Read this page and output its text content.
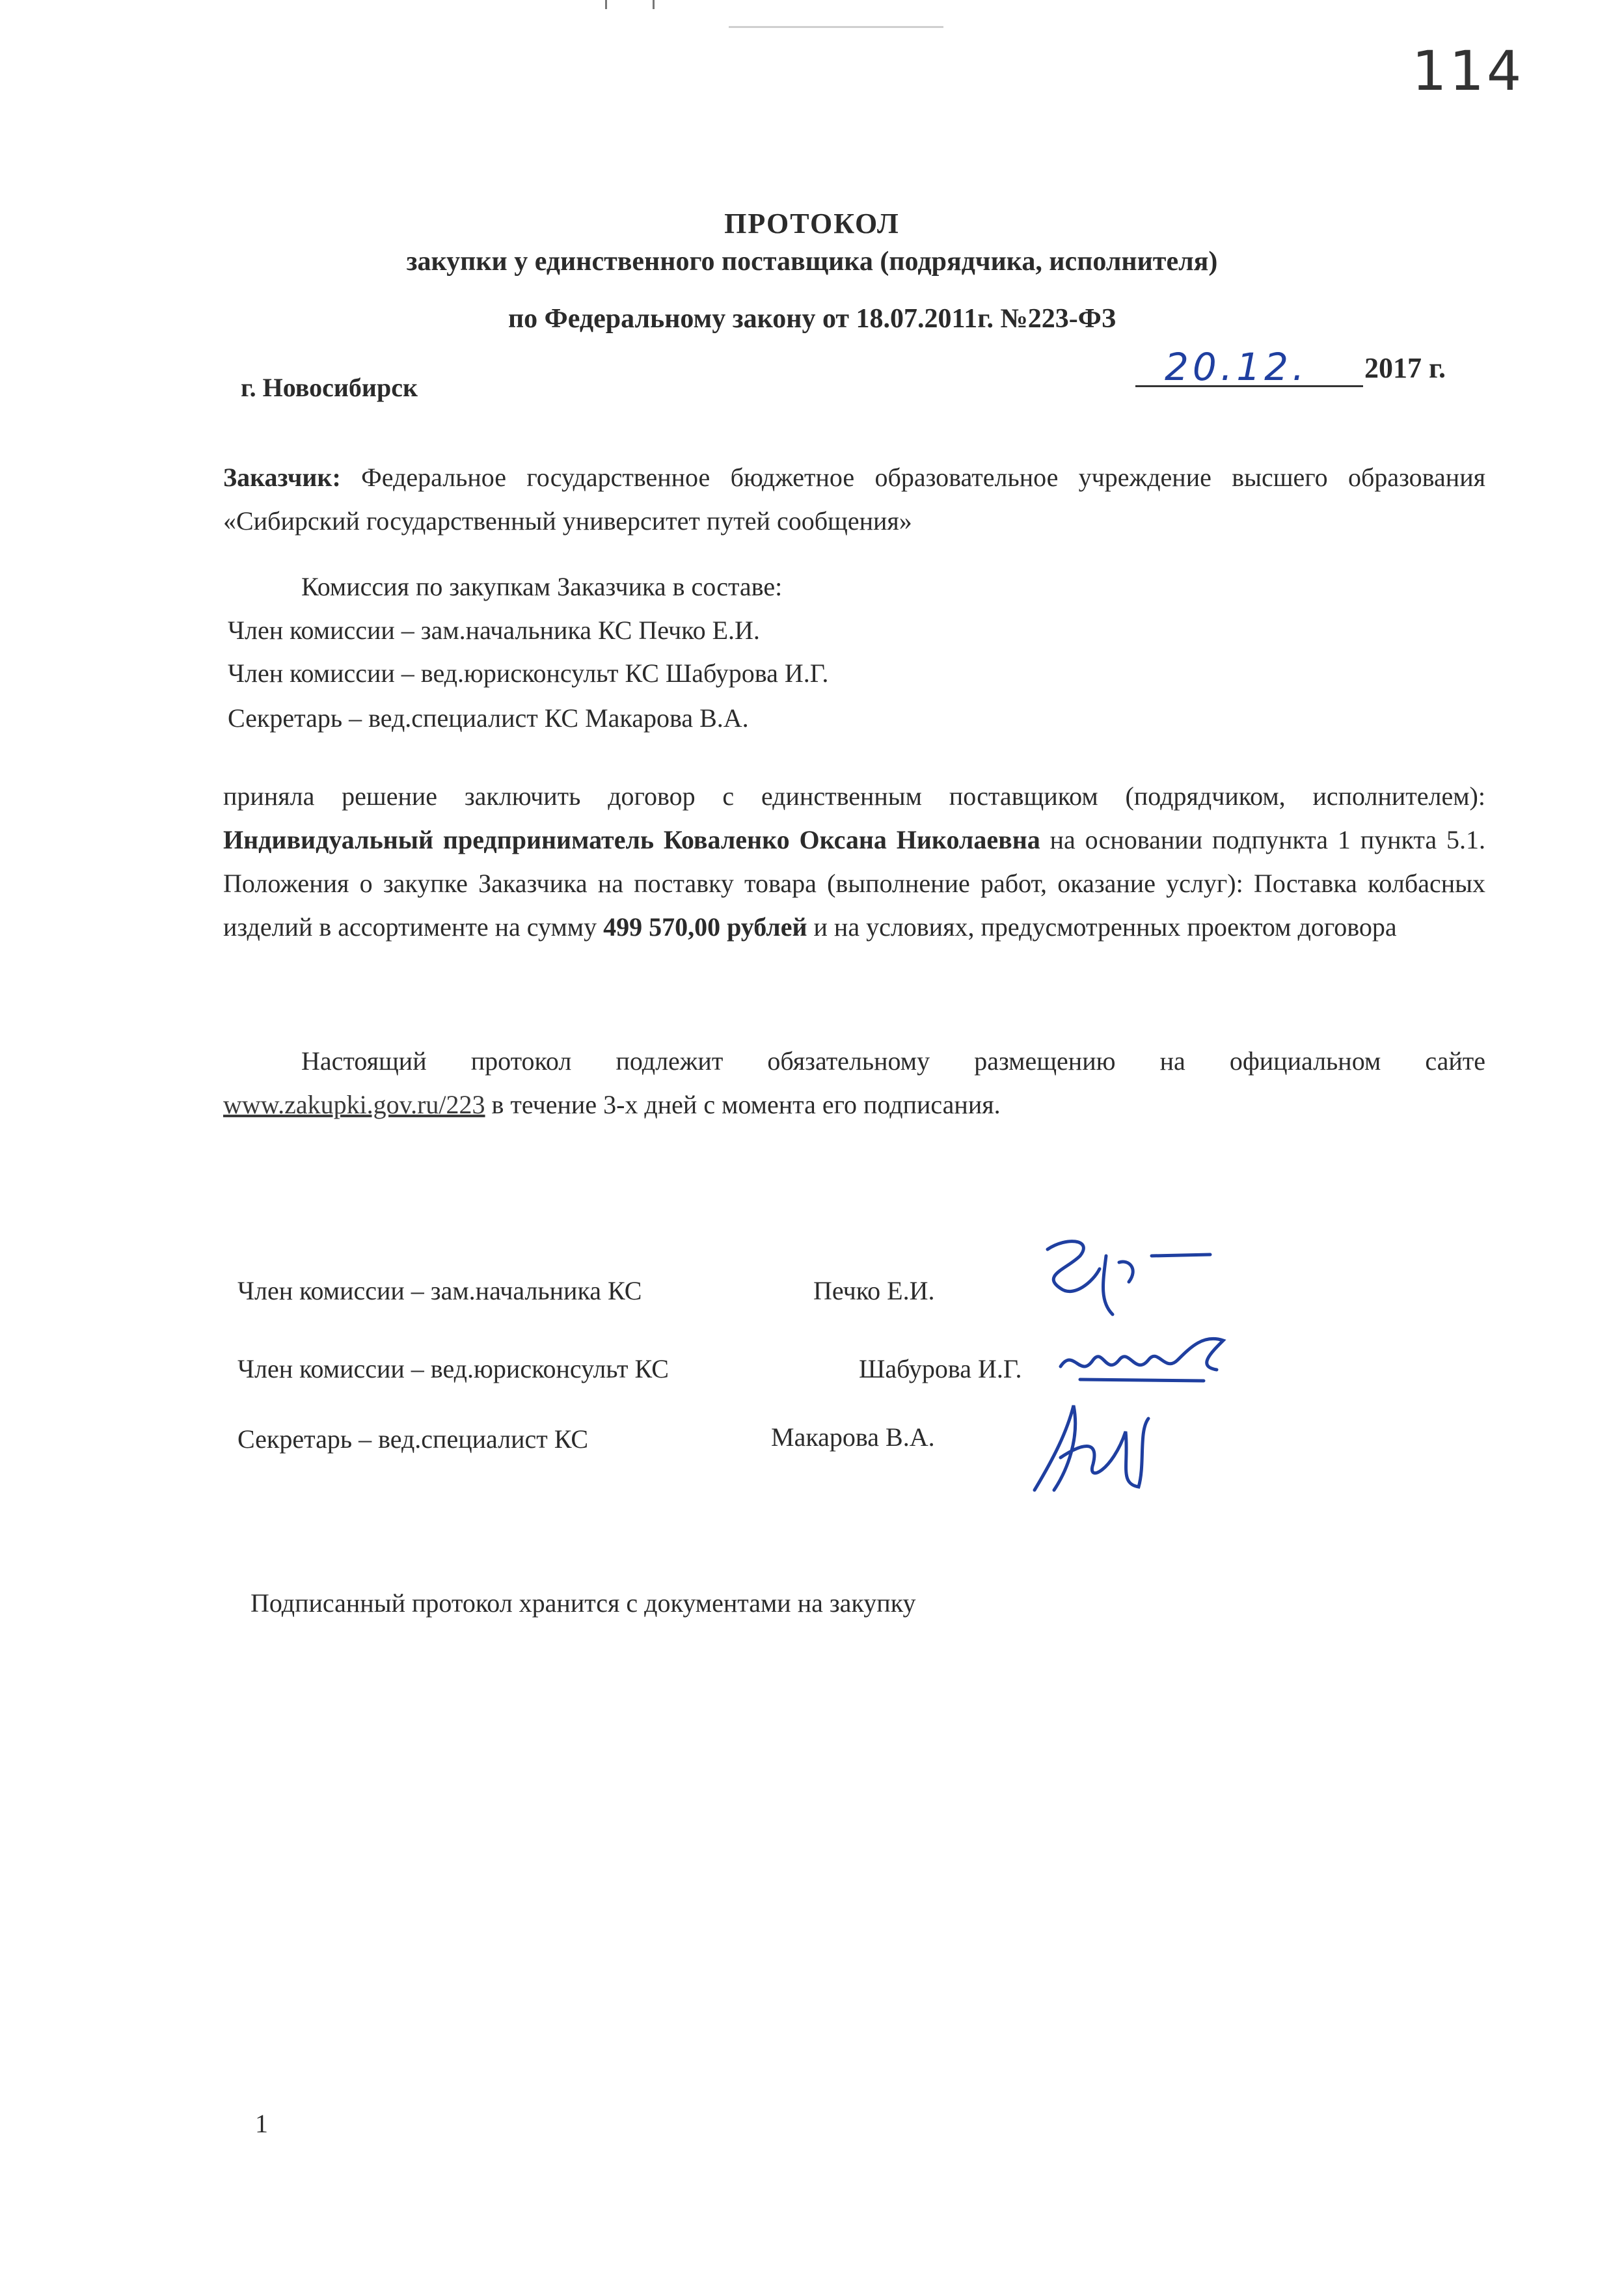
114
ПРОТОКОЛ
закупки у единственного поставщика (подрядчика, исполнителя)
по Федеральному закону от 18.07.2011г. №223-ФЗ
г. Новосибирск	20.12. 2017 г.
Заказчик: Федеральное государственное бюджетное образовательное учреждение высшего образования «Сибирский государственный университет путей сообщения»
Комиссия по закупкам Заказчика в составе:
Член комиссии – зам.начальника КС Печко Е.И.
Член комиссии – вед.юрисконсульт КС Шабурова И.Г.
Секретарь – вед.специалист КС Макарова В.А.
приняла решение заключить договор с единственным поставщиком (подрядчиком, исполнителем): Индивидуальный предприниматель Коваленко Оксана Николаевна на основании подпункта 1 пункта 5.1. Положения о закупке Заказчика на поставку товара (выполнение работ, оказание услуг): Поставка колбасных изделий в ассортименте на сумму 499 570,00 рублей и на условиях, предусмотренных проектом договора
Настоящий протокол подлежит обязательному размещению на официальном сайте www.zakupki.gov.ru/223 в течение 3-х дней с момента его подписания.
Член комиссии – зам.начальника КС	Печко Е.И.
Член комиссии – вед.юрисконсульт КС	Шабурова И.Г.
Секретарь – вед.специалист КС	Макарова В.А.
Подписанный протокол хранится с документами на закупку
1
